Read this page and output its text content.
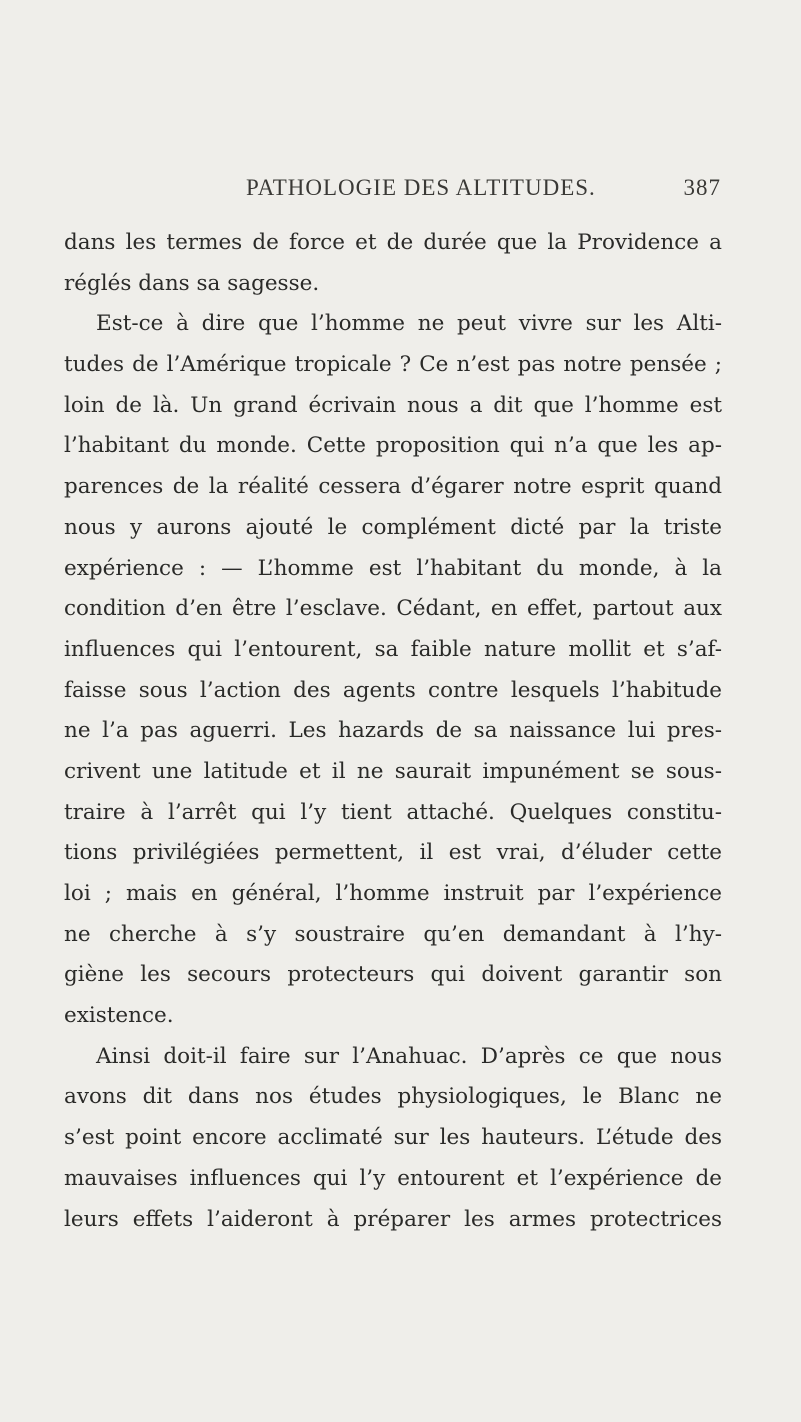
PATHOLOGIE DES ALTITUDES.	387
dans les termes de force et de durée que la Providence a
réglés dans sa sagesse.
Est-ce à dire que l’homme ne peut vivre sur les Alti-
tudes de l’Amérique tropicale ? Ce n’est pas notre pensée ;
loin de là. Un grand écrivain nous a dit que l’homme est
l’habitant du monde. Cette proposition qui n’a que les ap-
parences de la réalité cessera d’égarer notre esprit quand
nous y aurons ajouté le complément dicté par la triste
expérience : — L’homme est l’habitant du monde, à la
condition d’en être l’esclave. Cédant, en effet, partout aux
influences qui l’entourent, sa faible nature mollit et s’af-
faisse sous l’action des agents contre lesquels l’habitude
ne l’a pas aguerri. Les hazards de sa naissance lui pres-
crivent une latitude et il ne saurait impunément se sous-
traire à l’arrêt qui l’y tient attaché. Quelques constitu-
tions privilégiées permettent, il est vrai, d’éluder cette
loi ; mais en général, l’homme instruit par l’expérience
ne cherche à s’y soustraire qu’en demandant à l’hy-
giène les secours protecteurs qui doivent garantir son
existence.
Ainsi doit-il faire sur l’Anahuac. D’après ce que nous
avons dit dans nos études physiologiques, le Blanc ne
s’est point encore acclimaté sur les hauteurs. L’étude des
mauvaises influences qui l’y entourent et l’expérience de
leurs effets l’aideront à préparer les armes protectrices
